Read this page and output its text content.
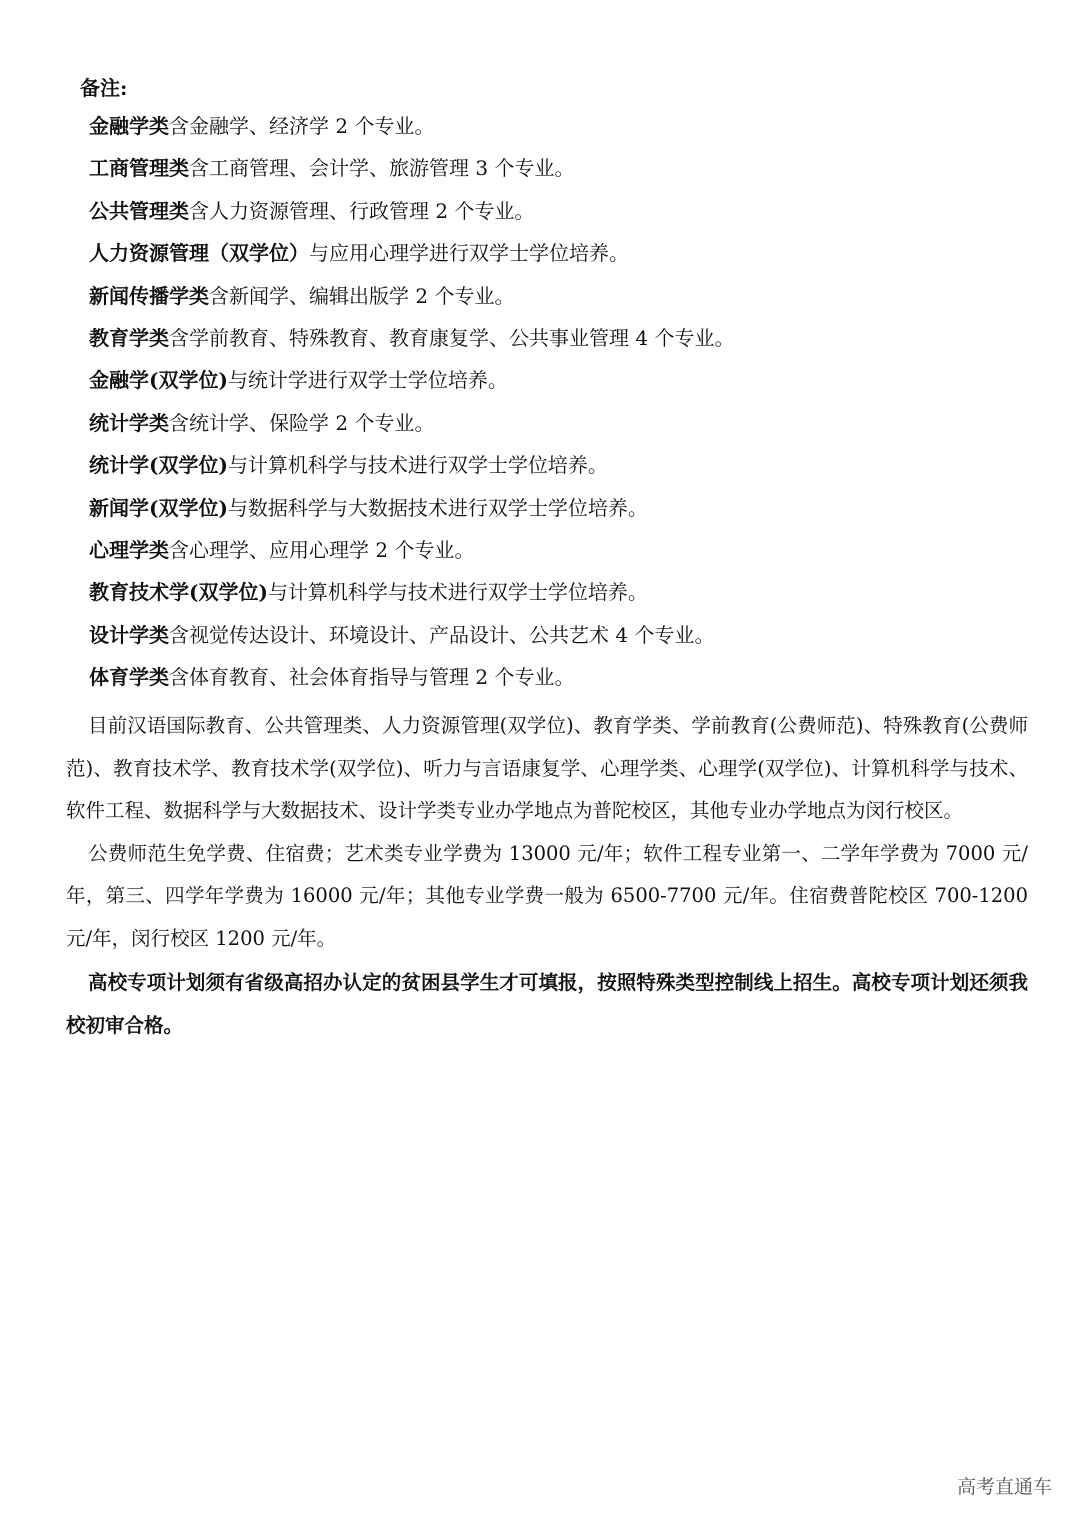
备注:
金融学类含金融学、经济学 2 个专业。
工商管理类含工商管理、会计学、旅游管理 3 个专业。
公共管理类含人力资源管理、行政管理 2 个专业。
人力资源管理（双学位）与应用心理学进行双学士学位培养。
新闻传播学类含新闻学、编辑出版学 2 个专业。
教育学类含学前教育、特殊教育、教育康复学、公共事业管理 4 个专业。
金融学(双学位)与统计学进行双学士学位培养。
统计学类含统计学、保险学 2 个专业。
统计学(双学位)与计算机科学与技术进行双学士学位培养。
新闻学(双学位)与数据科学与大数据技术进行双学士学位培养。
心理学类含心理学、应用心理学 2 个专业。
教育技术学(双学位)与计算机科学与技术进行双学士学位培养。
设计学类含视觉传达设计、环境设计、产品设计、公共艺术 4 个专业。
体育学类含体育教育、社会体育指导与管理 2 个专业。

目前汉语国际教育、公共管理类、人力资源管理(双学位)、教育学类、学前教育(公费师范)、特殊教育(公费师范)、教育技术学、教育技术学(双学位)、听力与言语康复学、心理学类、心理学(双学位)、计算机科学与技术、软件工程、数据科学与大数据技术、设计学类专业办学地点为普陀校区，其他专业办学地点为闵行校区。

公费师范生免学费、住宿费；艺术类专业学费为 13000 元/年；软件工程专业第一、二学年学费为 7000 元/年，第三、四学年学费为 16000 元/年；其他专业学费一般为 6500-7700 元/年。住宿费普陀校区 700-1200 元/年，闵行校区 1200 元/年。

高校专项计划须有省级高招办认定的贫困县学生才可填报，按照特殊类型控制线上招生。高校专项计划还须我校初审合格。

高考直通车
